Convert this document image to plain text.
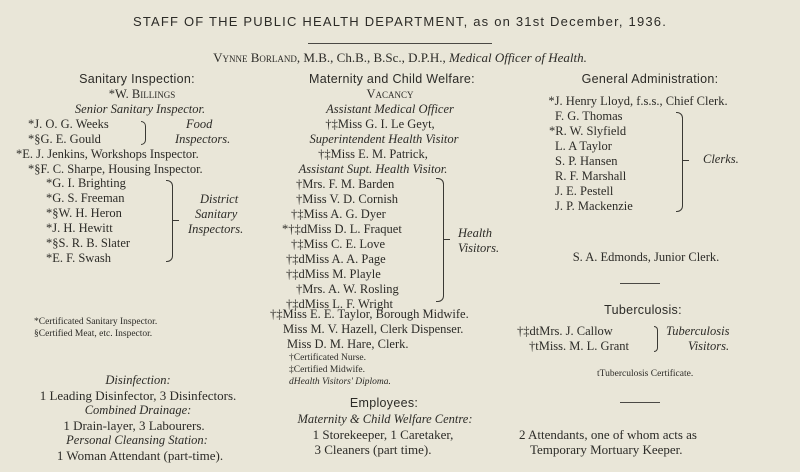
STAFF OF THE PUBLIC HEALTH DEPARTMENT, as on 31st December, 1936.
Vynne Borland, M.B., Ch.B., B.Sc., D.P.H., Medical Officer of Health.
Sanitary Inspection:
*W. Billings
Senior Sanitary Inspector.
*J. O. G. Weeks
*§G. E. Gould
Food
Inspectors.
*E. J. Jenkins, Workshops Inspector.
*§F. C. Sharpe, Housing Inspector.
*G. I. Brighting
*G. S. Freeman
*§W. H. Heron
*J. H. Hewitt
*§S. R. B. Slater
*E. F. Swash
District
Sanitary
Inspectors.
*Certificated Sanitary Inspector.
§Certified Meat, etc. Inspector.
Disinfection:
1 Leading Disinfector, 3 Disinfectors.
Combined Drainage:
1 Drain-layer, 3 Labourers.
Personal Cleansing Station:
1 Woman Attendant (part-time).
Maternity and Child Welfare:
Vacancy
Assistant Medical Officer
†‡Miss G. I. Le Geyt,
Superintendent Health Visitor
†‡Miss E. M. Patrick,
Assistant Supt. Health Visitor.
†Mrs. F. M. Barden
†Miss V. D. Cornish
†‡Miss A. G. Dyer
*†‡dMiss D. L. Fraquet
†‡Miss C. E. Love
†‡dMiss A. A. Page
†‡dMiss M. Playle
†Mrs. A. W. Rosling
†‡dMiss L. F. Wright
Health
Visitors.
†‡Miss E. E. Taylor, Borough Midwife.
Miss M. V. Hazell, Clerk Dispenser.
Miss D. M. Hare, Clerk.
†Certificated Nurse.
‡Certified Midwife.
dHealth Visitors' Diploma.
Employees:
Maternity & Child Welfare Centre:
1 Storekeeper, 1 Caretaker,
3 Cleaners (part time).
General Administration:
*J. Henry Lloyd, f.s.s., Chief Clerk.
F. G. Thomas
*R. W. Slyfield
L. A Taylor
S. P. Hansen
R. F. Marshall
J. E. Pestell
J. P. Mackenzie
Clerks.
S. A. Edmonds, Junior Clerk.
Tuberculosis:
†‡dtMrs. J. Callow
†tMiss. M. L. Grant
Tuberculosis
Visitors.
tTuberculosis Certificate.
2 Attendants, one of whom acts as
Temporary Mortuary Keeper.
